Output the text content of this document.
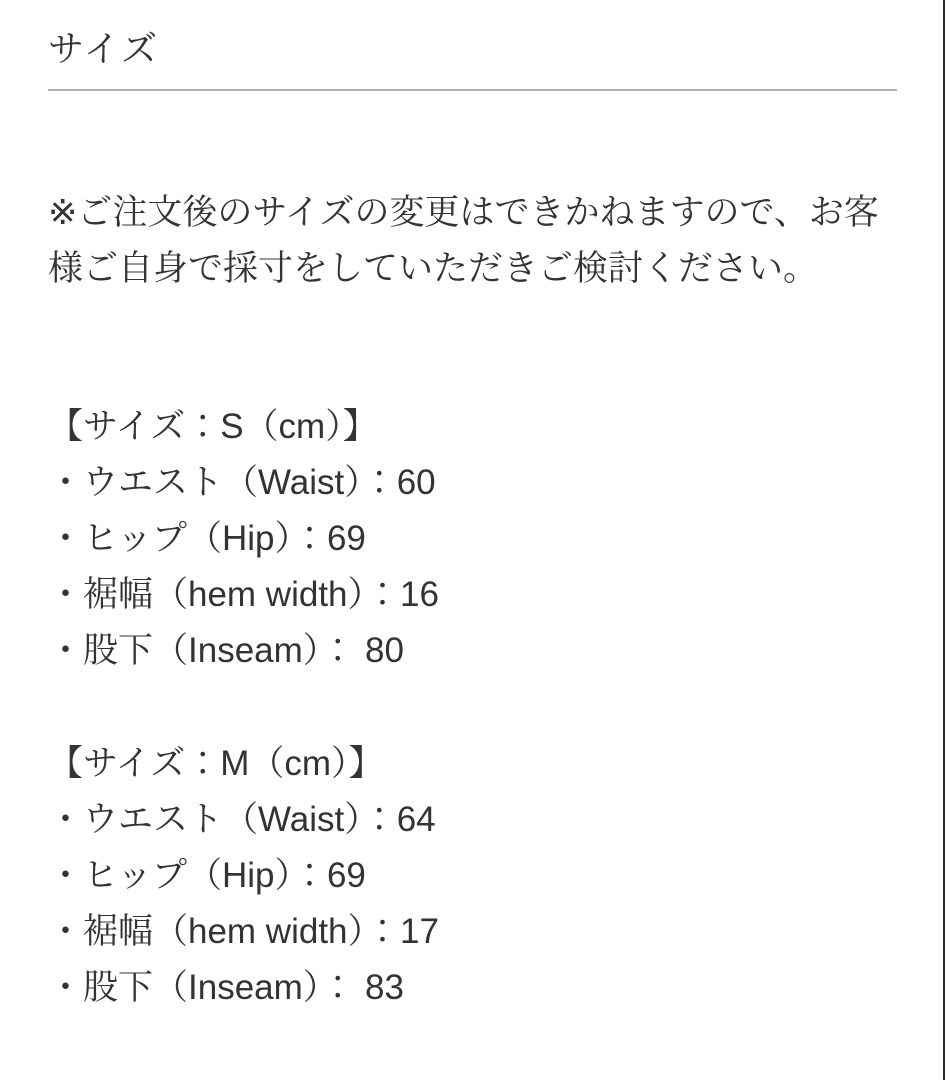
サイズ

※ご注文後のサイズの変更はできかねますので、お客
様ご自身で採寸をしていただきご検討ください。

【サイズ：S（cm）】
・ウエスト（Waist）：60
・ヒップ（Hip）：69
・裾幅（hem width）：16
・股下（Inseam）： 80
【サイズ：M（cm）】
・ウエスト（Waist）：64
・ヒップ（Hip）：69
・裾幅（hem width）：17
・股下（Inseam）： 83
